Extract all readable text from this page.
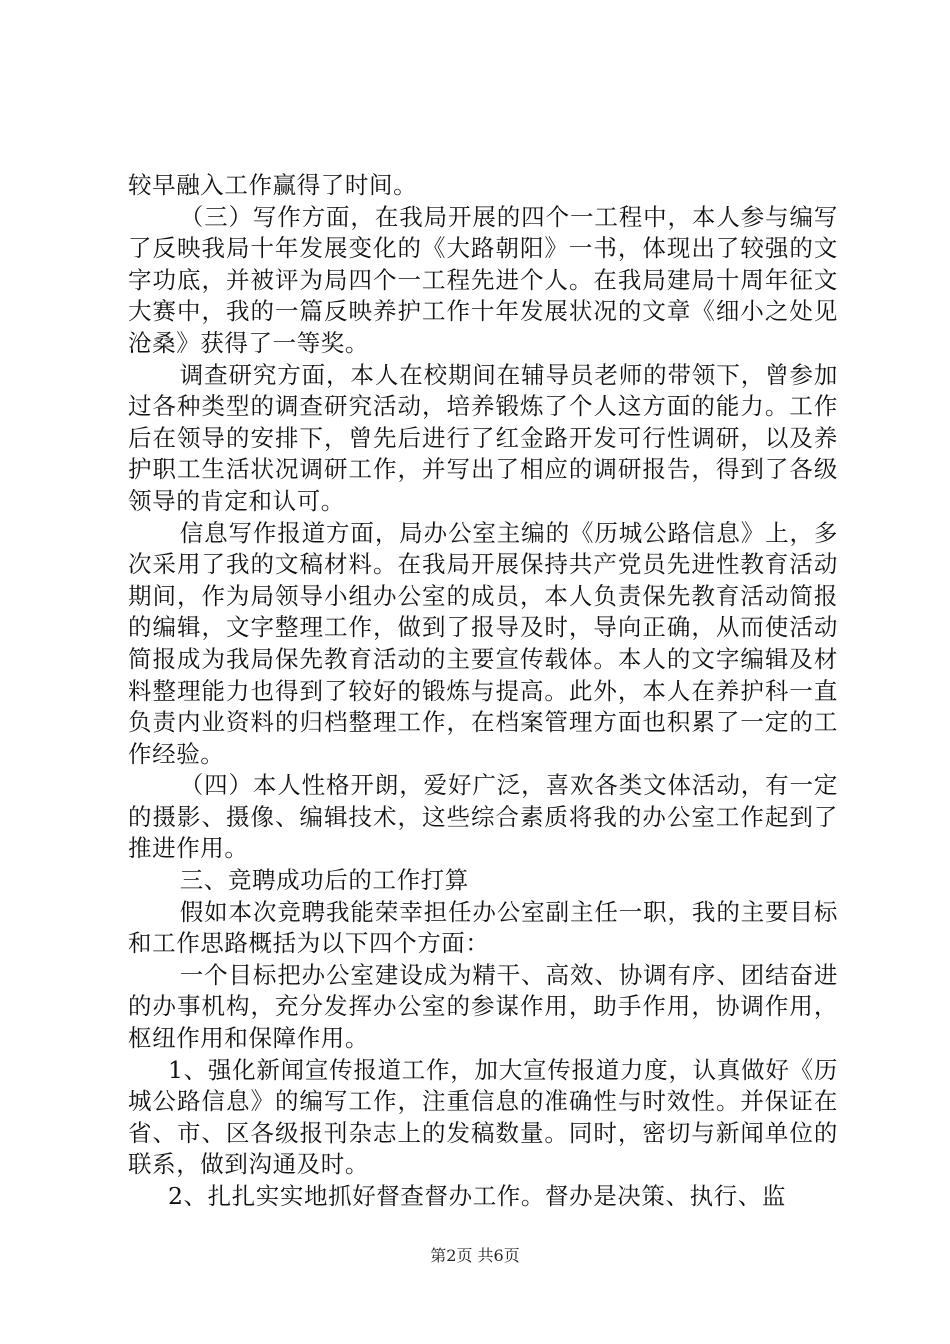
较早融入工作赢得了时间。

（三）写作方面，在我局开展的四个一工程中，本人参与编写了反映我局十年发展变化的《大路朝阳》一书，体现出了较强的文字功底，并被评为局四个一工程先进个人。在我局建局十周年征文大赛中，我的一篇反映养护工作十年发展状况的文章《细小之处见沧桑》获得了一等奖。

调查研究方面，本人在校期间在辅导员老师的带领下，曾参加过各种类型的调查研究活动，培养锻炼了个人这方面的能力。工作后在领导的安排下，曾先后进行了红金路开发可行性调研，以及养护职工生活状况调研工作，并写出了相应的调研报告，得到了各级领导的肯定和认可。

信息写作报道方面，局办公室主编的《历城公路信息》上，多次采用了我的文稿材料。在我局开展保持共产党员先进性教育活动期间，作为局领导小组办公室的成员，本人负责保先教育活动简报的编辑，文字整理工作，做到了报导及时，导向正确，从而使活动简报成为我局保先教育活动的主要宣传载体。本人的文字编辑及材料整理能力也得到了较好的锻炼与提高。此外，本人在养护科一直负责内业资料的归档整理工作，在档案管理方面也积累了一定的工作经验。

（四）本人性格开朗，爱好广泛，喜欢各类文体活动，有一定的摄影、摄像、编辑技术，这些综合素质将我的办公室工作起到了推进作用。

三、竞聘成功后的工作打算

假如本次竞聘我能荣幸担任办公室副主任一职，我的主要目标和工作思路概括为以下四个方面：

一个目标把办公室建设成为精干、高效、协调有序、团结奋进的办事机构，充分发挥办公室的参谋作用，助手作用，协调作用，枢纽作用和保障作用。

1、强化新闻宣传报道工作，加大宣传报道力度，认真做好《历城公路信息》的编写工作，注重信息的准确性与时效性。并保证在省、市、区各级报刊杂志上的发稿数量。同时，密切与新闻单位的联系，做到沟通及时。

2、扎扎实实地抓好督查督办工作。督办是决策、执行、监

第2页 共6页
